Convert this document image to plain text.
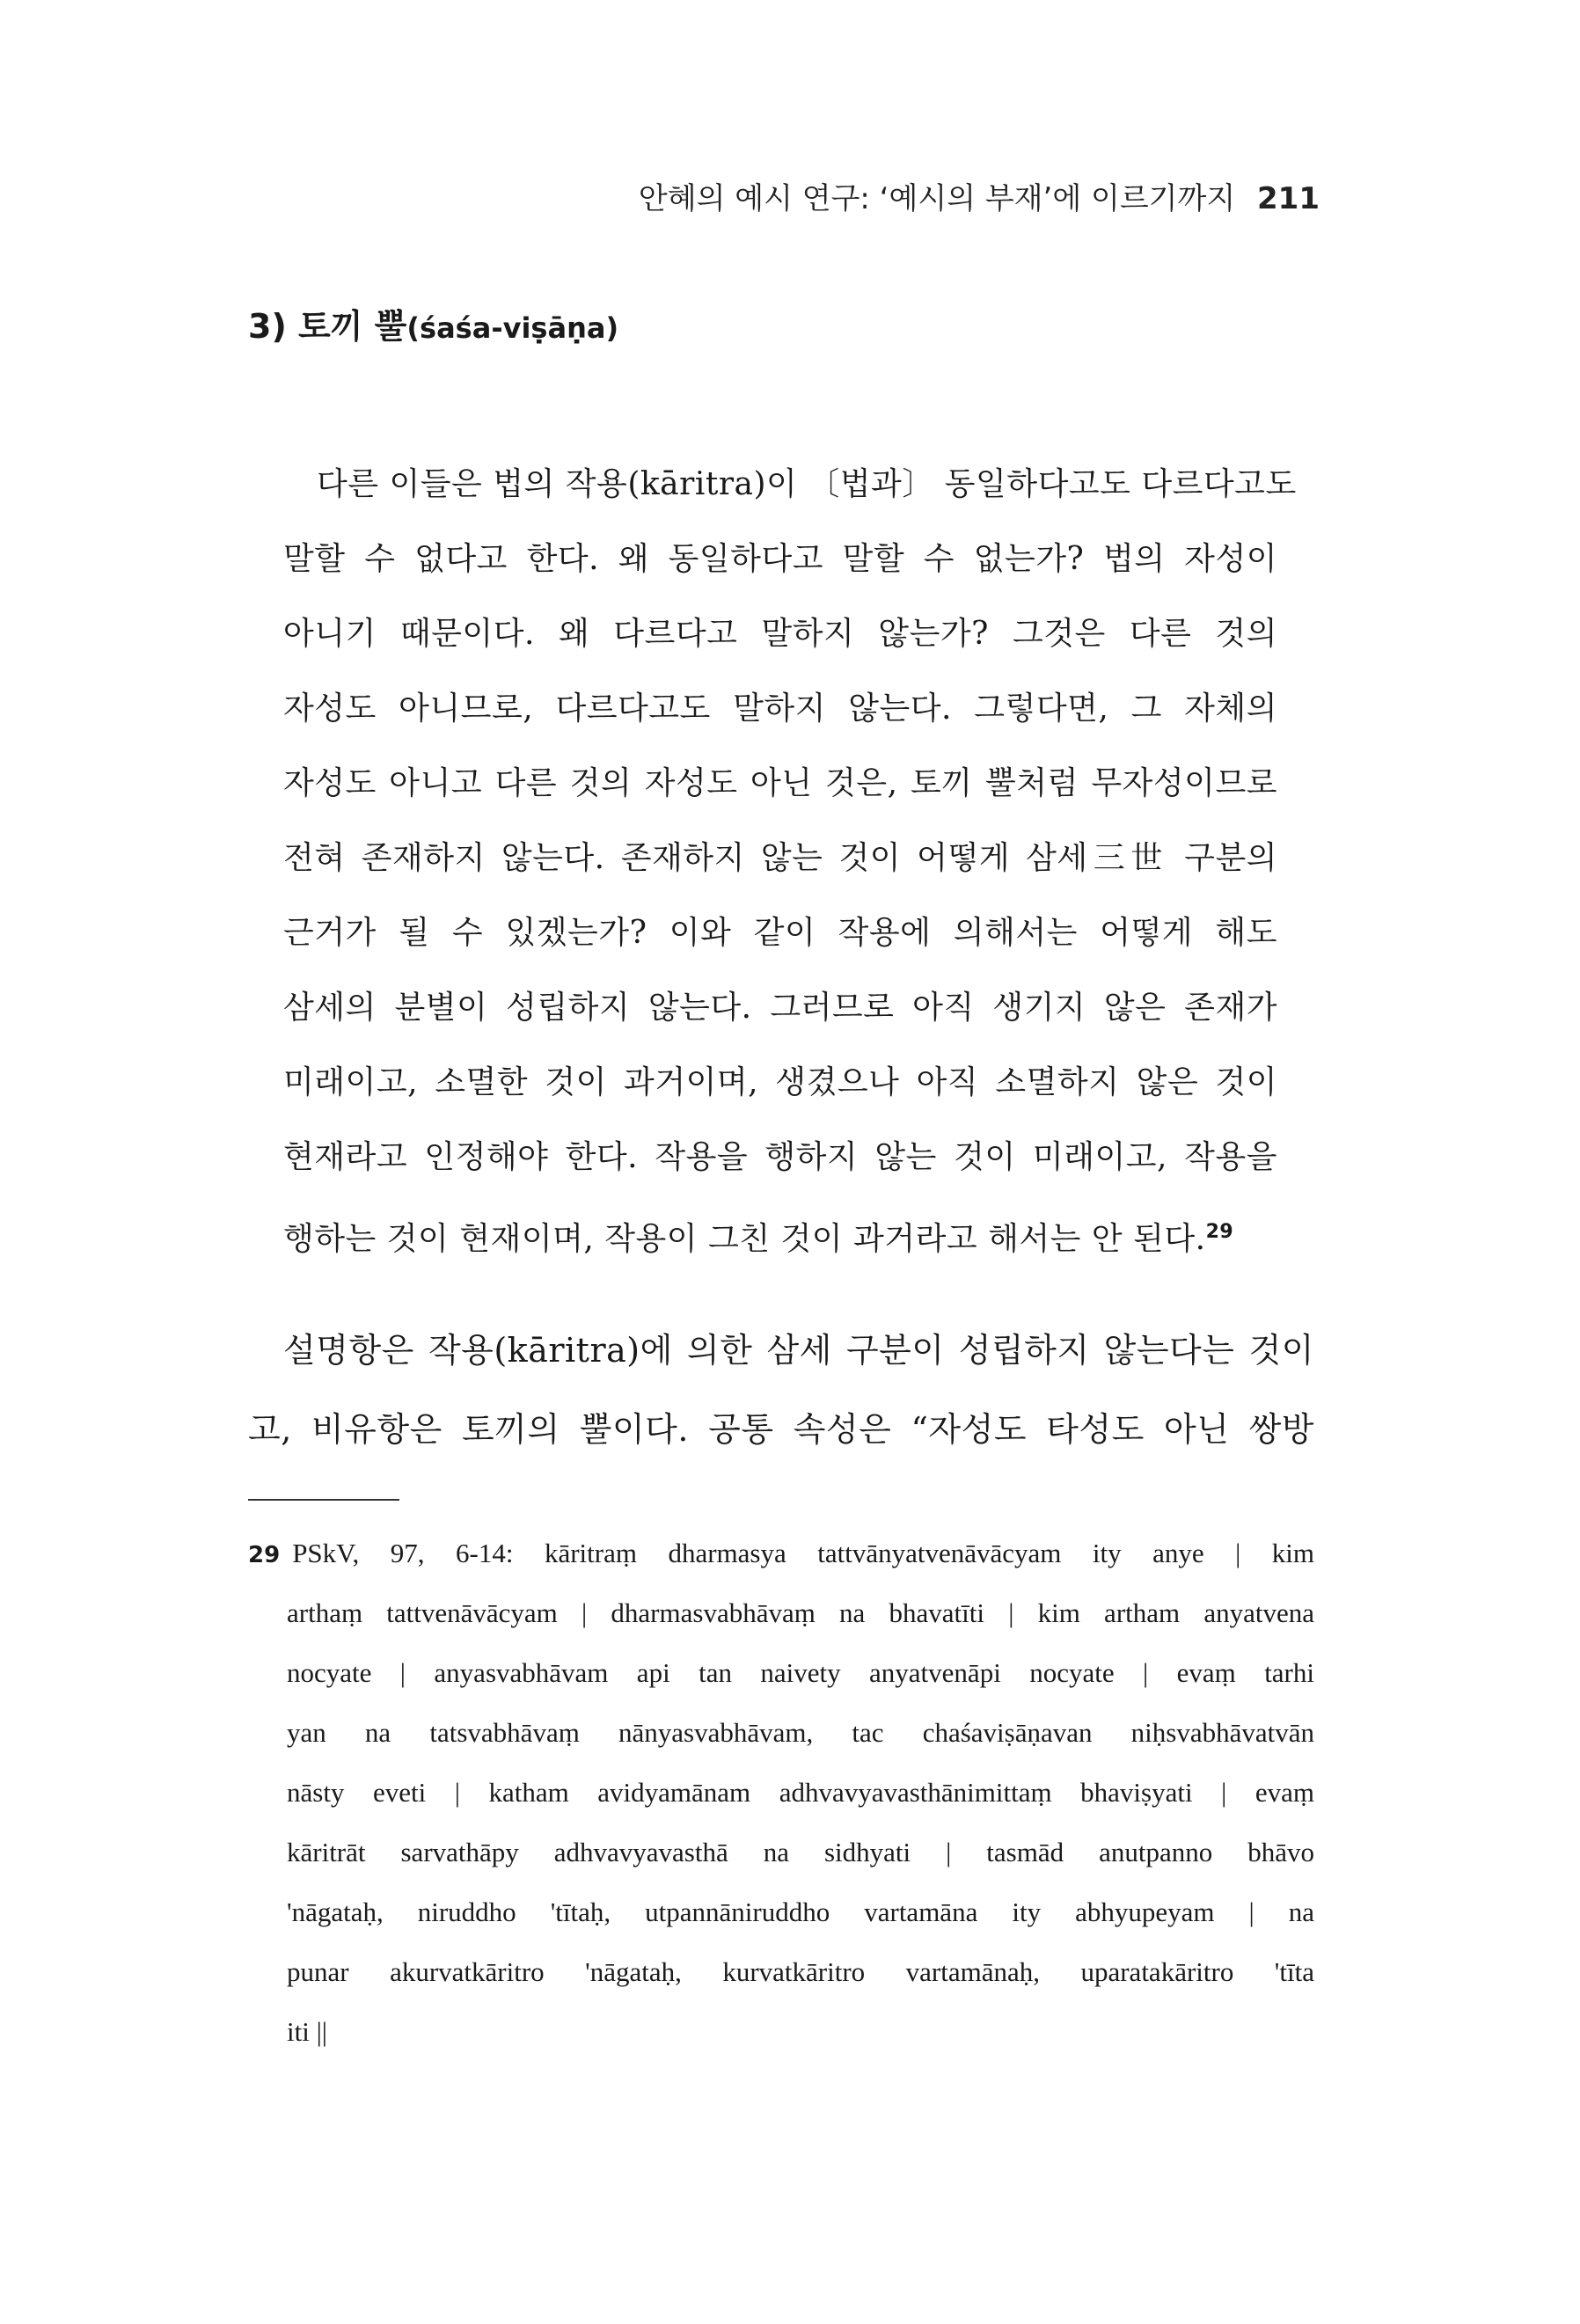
안혜의 예시 연구: ‘예시의 부재’에 이르기까지 211
3) 토끼 뿔(śaśa-viṣāṇa)
다른 이들은 법의 작용(kāritra)이 〔법과〕 동일하다고도 다르다고도
말할 수 없다고 한다. 왜 동일하다고 말할 수 없는가? 법의 자성이
아니기 때문이다. 왜 다르다고 말하지 않는가? 그것은 다른 것의
자성도 아니므로, 다르다고도 말하지 않는다. 그렇다면, 그 자체의
자성도 아니고 다른 것의 자성도 아닌 것은, 토끼 뿔처럼 무자성이므로
전혀 존재하지 않는다. 존재하지 않는 것이 어떻게 삼세三世 구분의
근거가 될 수 있겠는가? 이와 같이 작용에 의해서는 어떻게 해도
삼세의 분별이 성립하지 않는다. 그러므로 아직 생기지 않은 존재가
미래이고, 소멸한 것이 과거이며, 생겼으나 아직 소멸하지 않은 것이
현재라고 인정해야 한다. 작용을 행하지 않는 것이 미래이고, 작용을
행하는 것이 현재이며, 작용이 그친 것이 과거라고 해서는 안 된다.$^{29}$
설명항은 작용(kāritra)에 의한 삼세 구분이 성립하지 않는다는 것이
고, 비유항은 토끼의 뿔이다. 공통 속성은 “자성도 타성도 아닌 쌍방
29 PSkV, 97, 6-14: kāritraṃ dharmasya tattvānyatvenāvācyam ity anye | kim
arthaṃ tattvenāvācyam | dharmasvabhāvaṃ na bhavatīti | kim artham anyatvena
nocyate | anyasvabhāvam api tan naivety anyatvenāpi nocyate | evaṃ tarhi
yan na tatsvabhāvaṃ nānyasvabhāvam, tac chaśaviṣāṇavan niḥsvabhāvatvān
nāsty eveti | katham avidyamānam adhvavyavasthānimittaṃ bhaviṣyati | evaṃ
kāritrāt sarvathāpy adhvavyavasthā na sidhyati | tasmād anutpanno bhāvo
'nāgataḥ, niruddho 'tītaḥ, utpannāniruddho vartamāna ity abhyupeyam | na
punar akurvatkāritro 'nāgataḥ, kurvatkāritro vartamānaḥ, uparatakāritro 'tīta
iti ||
